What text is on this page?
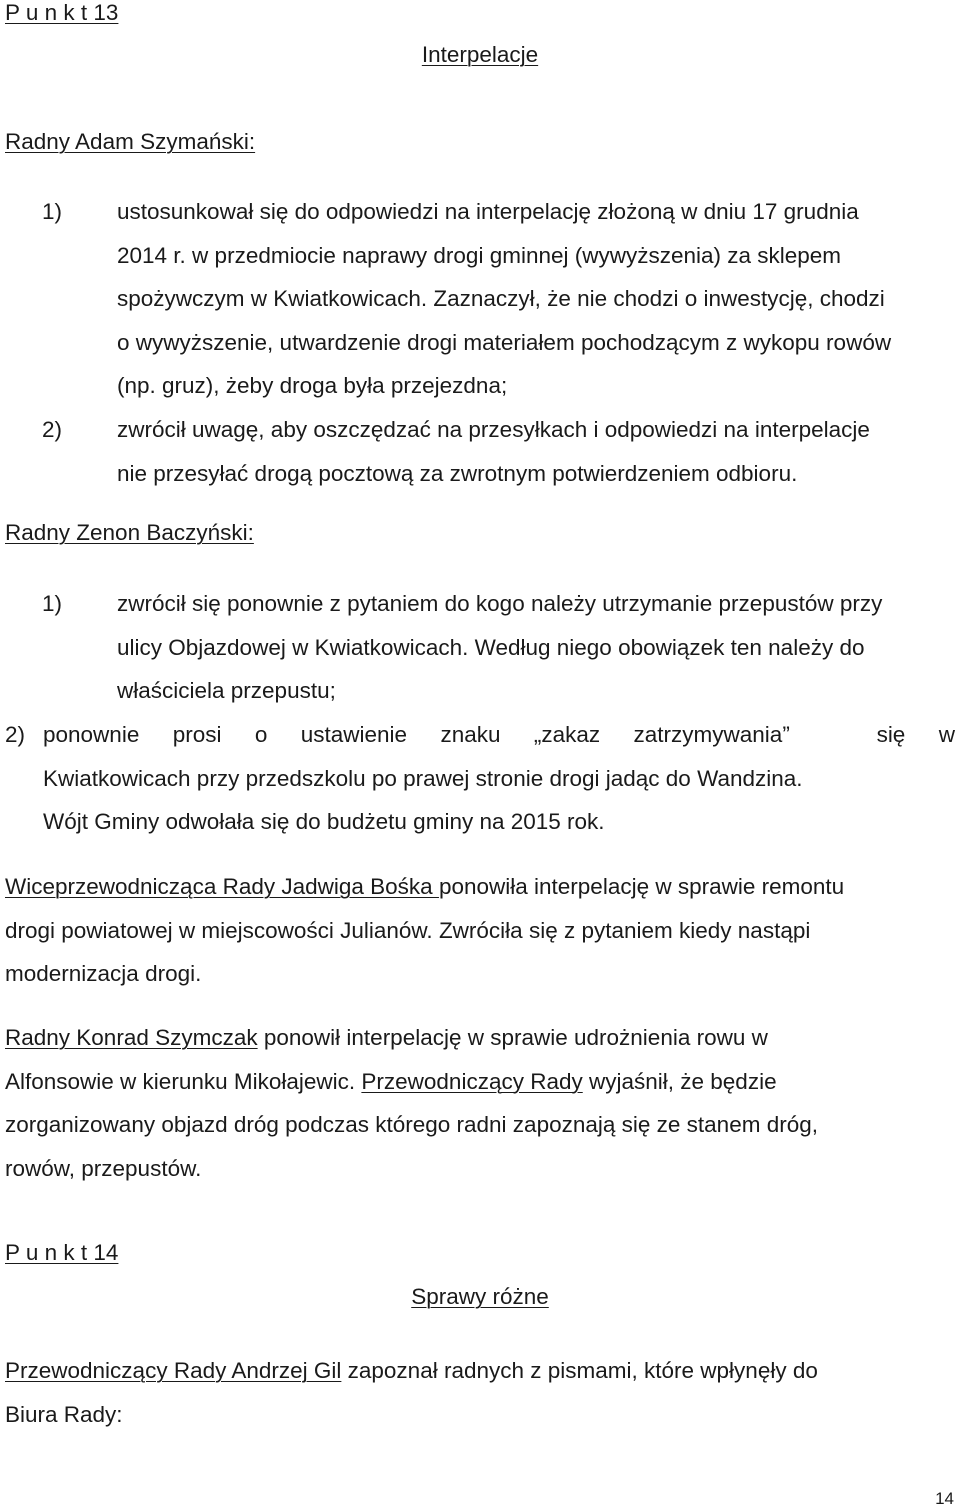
P u n k t 13

Interpelacje

Radny Adam Szymański:

1) ustosunkował się do odpowiedzi na interpelację złożoną w dniu 17 grudnia
2014 r. w przedmiocie naprawy drogi gminnej (wywyższenia) za sklepem
spożywczym w Kwiatkowicach. Zaznaczył, że nie chodzi o inwestycję, chodzi
o wywyższenie, utwardzenie drogi materiałem pochodzącym z wykopu rowów
(np. gruz), żeby droga była przejezdna;
2) zwrócił uwagę, aby oszczędzać na przesyłkach i odpowiedzi na interpelacje
nie przesyłać drogą pocztową za zwrotnym potwierdzeniem odbioru.

Radny Zenon Baczyński:

1) zwrócił się ponownie z pytaniem do kogo należy utrzymanie przepustów przy
ulicy Objazdowej w Kwiatkowicach. Według niego obowiązek ten należy do
właściciela przepustu;
2) ponownie prosi o ustawienie znaku „zakaz zatrzymywania”	się w
Kwiatkowicach przy przedszkolu po prawej stronie drogi jadąc do Wandzina.
Wójt Gminy odwołała się do budżetu gminy na 2015 rok.
Wiceprzewodnicząca Rady Jadwiga Bośka ponowiła interpelację w sprawie remontu
drogi powiatowej w miejscowości Julianów. Zwróciła się z pytaniem kiedy nastąpi
modernizacja drogi.
Radny Konrad Szymczak ponowił interpelację w sprawie udrożnienia rowu w
Alfonsowie w kierunku Mikołajewic. Przewodniczący Rady wyjaśnił, że będzie
zorganizowany objazd dróg podczas którego radni zapoznają się ze stanem dróg,
rowów, przepustów.

P u n k t 14

Sprawy różne

Przewodniczący Rady Andrzej Gil zapoznał radnych z pismami, które wpłynęły do
Biura Rady:
14
